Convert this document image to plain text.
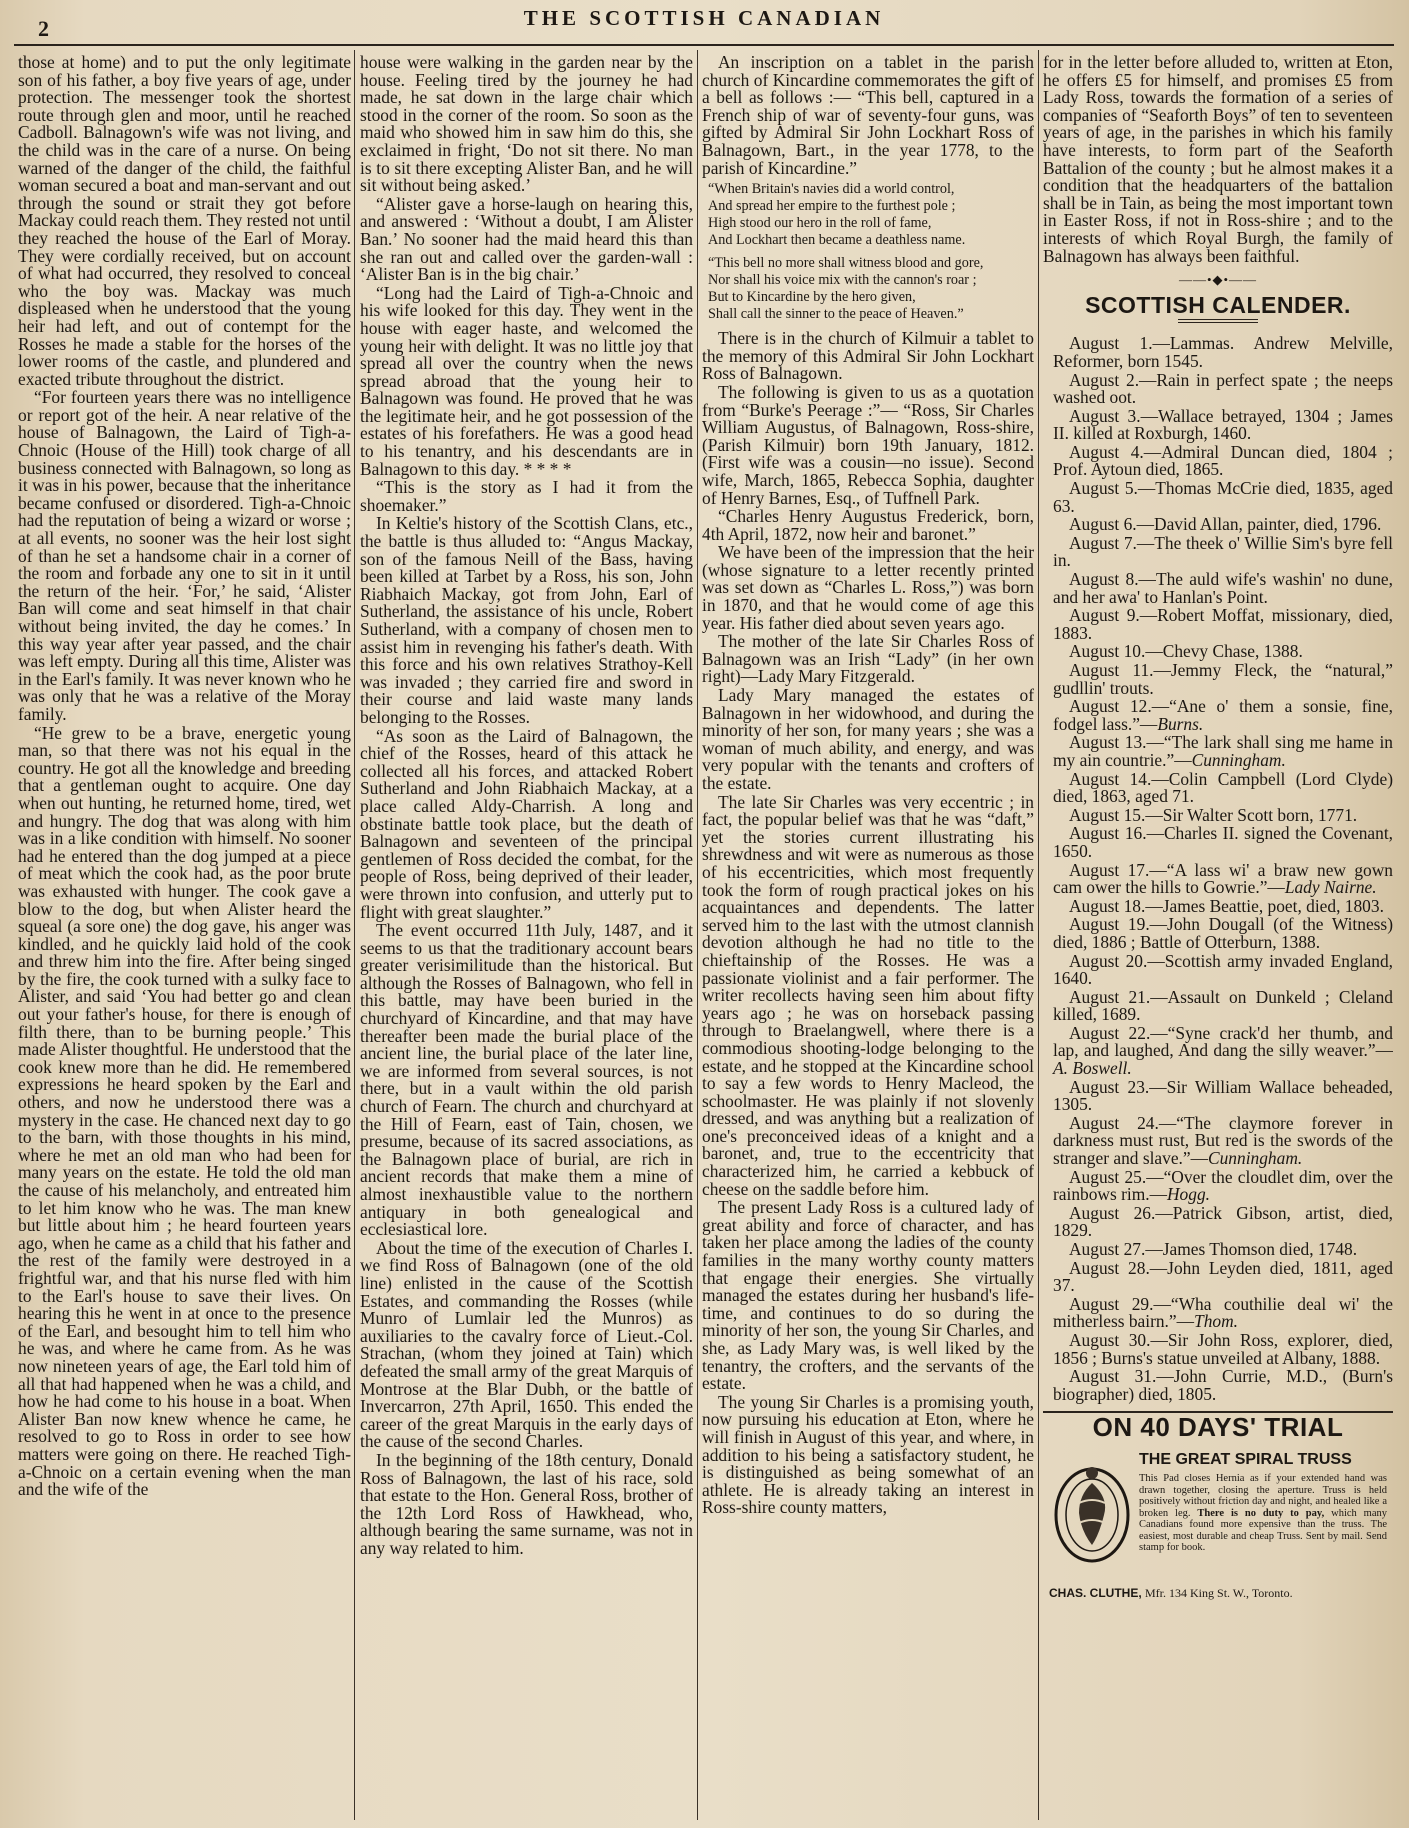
2	THE SCOTTISH CANADIAN

those at home) and to put the only legitimate son of his father, a boy five years of age, under protection. The messenger took the shortest route through glen and moor, until he reached Cadboll. Balnagown's wife was not living, and the child was in the care of a nurse. On being warned of the danger of the child, the faithful woman secured a boat and man-servant and out through the sound or strait they got before Mackay could reach them. They rested not until they reached the house of the Earl of Moray. They were cordially received, but on account of what had occurred, they resolved to conceal who the boy was. Mackay was much displeased when he understood that the young heir had left, and out of contempt for the Rosses he made a stable for the horses of the lower rooms of the castle, and plundered and exacted tribute throughout the district.

“For fourteen years there was no intelligence or report got of the heir. A near relative of the house of Balnagown, the Laird of Tigh-a-Chnoic (House of the Hill) took charge of all business connected with Balnagown, so long as it was in his power, because that the inheritance became confused or disordered. Tigh-a-Chnoic had the reputation of being a wizard or worse ; at all events, no sooner was the heir lost sight of than he set a handsome chair in a corner of the room and forbade any one to sit in it until the return of the heir. ‘For,’ he said, ‘Alister Ban will come and seat himself in that chair without being invited, the day he comes.’ In this way year after year passed, and the chair was left empty. During all this time, Alister was in the Earl's family. It was never known who he was only that he was a relative of the Moray family.

“He grew to be a brave, energetic young man, so that there was not his equal in the country. He got all the knowledge and breeding that a gentleman ought to acquire. One day when out hunting, he returned home, tired, wet and hungry. The dog that was along with him was in a like condition with himself. No sooner had he entered than the dog jumped at a piece of meat which the cook had, as the poor brute was exhausted with hunger. The cook gave a blow to the dog, but when Alister heard the squeal (a sore one) the dog gave, his anger was kindled, and he quickly laid hold of the cook and threw him into the fire. After being singed by the fire, the cook turned with a sulky face to Alister, and said ‘You had better go and clean out your father's house, for there is enough of filth there, than to be burning people.’ This made Alister thoughtful. He understood that the cook knew more than he did. He remembered expressions he heard spoken by the Earl and others, and now he understood there was a mystery in the case. He chanced next day to go to the barn, with those thoughts in his mind, where he met an old man who had been for many years on the estate. He told the old man the cause of his melancholy, and entreated him to let him know who he was. The man knew but little about him ; he heard fourteen years ago, when he came as a child that his father and the rest of the family were destroyed in a frightful war, and that his nurse fled with him to the Earl's house to save their lives. On hearing this he went in at once to the presence of the Earl, and besought him to tell him who he was, and where he came from. As he was now nineteen years of age, the Earl told him of all that had happened when he was a child, and how he had come to his house in a boat. When Alister Ban now knew whence he came, he resolved to go to Ross in order to see how matters were going on there. He reached Tigh-a-Chnoic on a certain evening when the man and the wife of the

house were walking in the garden near by the house. Feeling tired by the journey he had made, he sat down in the large chair which stood in the corner of the room. So soon as the maid who showed him in saw him do this, she exclaimed in fright, ‘Do not sit there. No man is to sit there excepting Alister Ban, and he will sit without being asked.’

“Alister gave a horse-laugh on hearing this, and answered : ‘Without a doubt, I am Alister Ban.’ No sooner had the maid heard this than she ran out and called over the garden-wall : ‘Alister Ban is in the big chair.’

“Long had the Laird of Tigh-a-Chnoic and his wife looked for this day. They went in the house with eager haste, and welcomed the young heir with delight. It was no little joy that spread all over the country when the news spread abroad that the young heir to Balnagown was found. He proved that he was the legitimate heir, and he got possession of the estates of his forefathers. He was a good head to his tenantry, and his descendants are in Balnagown to this day. * * * *

“This is the story as I had it from the shoemaker.”

In Keltie's history of the Scottish Clans, etc., the battle is thus alluded to: “Angus Mackay, son of the famous Neill of the Bass, having been killed at Tarbet by a Ross, his son, John Riabhaich Mackay, got from John, Earl of Sutherland, the assistance of his uncle, Robert Sutherland, with a company of chosen men to assist him in revenging his father's death. With this force and his own relatives Strathoy-Kell was invaded ; they carried fire and sword in their course and laid waste many lands belonging to the Rosses.

“As soon as the Laird of Balnagown, the chief of the Rosses, heard of this attack he collected all his forces, and attacked Robert Sutherland and John Riabhaich Mackay, at a place called Aldy-Charrish. A long and obstinate battle took place, but the death of Balnagown and seventeen of the principal gentlemen of Ross decided the combat, for the people of Ross, being deprived of their leader, were thrown into confusion, and utterly put to flight with great slaughter.”

The event occurred 11th July, 1487, and it seems to us that the traditionary account bears greater verisimilitude than the historical. But although the Rosses of Balnagown, who fell in this battle, may have been buried in the churchyard of Kincardine, and that may have thereafter been made the burial place of the ancient line, the burial place of the later line, we are informed from several sources, is not there, but in a vault within the old parish church of Fearn. The church and churchyard at the Hill of Fearn, east of Tain, chosen, we presume, because of its sacred associations, as the Balnagown place of burial, are rich in ancient records that make them a mine of almost inexhaustible value to the northern antiquary in both genealogical and ecclesiastical lore.

About the time of the execution of Charles I. we find Ross of Balnagown (one of the old line) enlisted in the cause of the Scottish Estates, and commanding the Rosses (while Munro of Lumlair led the Munros) as auxiliaries to the cavalry force of Lieut.-Col. Strachan, (whom they joined at Tain) which defeated the small army of the great Marquis of Montrose at the Blar Dubh, or the battle of Invercarron, 27th April, 1650. This ended the career of the great Marquis in the early days of the cause of the second Charles.

In the beginning of the 18th century, Donald Ross of Balnagown, the last of his race, sold that estate to the Hon. General Ross, brother of the 12th Lord Ross of Hawkhead, who, although bearing the same surname, was not in any way related to him.

An inscription on a tablet in the parish church of Kincardine commemorates the gift of a bell as follows :— “This bell, captured in a French ship of war of seventy-four guns, was gifted by Admiral Sir John Lockhart Ross of Balnagown, Bart., in the year 1778, to the parish of Kincardine.”

“When Britain's navies did a world control,
And spread her empire to the furthest pole ;
High stood our hero in the roll of fame,
And Lockhart then became a deathless name.
“This bell no more shall witness blood and gore,
Nor shall his voice mix with the cannon's roar ;
But to Kincardine by the hero given,
Shall call the sinner to the peace of Heaven.”

There is in the church of Kilmuir a tablet to the memory of this Admiral Sir John Lockhart Ross of Balnagown.

The following is given to us as a quotation from “Burke's Peerage :”— “Ross, Sir Charles William Augustus, of Balnagown, Ross-shire, (Parish Kilmuir) born 19th January, 1812. (First wife was a cousin—no issue). Second wife, March, 1865, Rebecca Sophia, daughter of Henry Barnes, Esq., of Tuffnell Park.

“Charles Henry Augustus Frederick, born, 4th April, 1872, now heir and baronet.”

We have been of the impression that the heir (whose signature to a letter recently printed was set down as “Charles L. Ross,”) was born in 1870, and that he would come of age this year. His father died about seven years ago.

The mother of the late Sir Charles Ross of Balnagown was an Irish “Lady” (in her own right)—Lady Mary Fitzgerald.

Lady Mary managed the estates of Balnagown in her widowhood, and during the minority of her son, for many years ; she was a woman of much ability, and energy, and was very popular with the tenants and crofters of the estate.

The late Sir Charles was very eccentric ; in fact, the popular belief was that he was “daft,” yet the stories current illustrating his shrewdness and wit were as numerous as those of his eccentricities, which most frequently took the form of rough practical jokes on his acquaintances and dependents. The latter served him to the last with the utmost clannish devotion although he had no title to the chieftainship of the Rosses. He was a passionate violinist and a fair performer. The writer recollects having seen him about fifty years ago ; he was on horseback passing through to Braelangwell, where there is a commodious shooting-lodge belonging to the estate, and he stopped at the Kincardine school to say a few words to Henry Macleod, the schoolmaster. He was plainly if not slovenly dressed, and was anything but a realization of one's preconceived ideas of a knight and a baronet, and, true to the eccentricity that characterized him, he carried a kebbuck of cheese on the saddle before him.

The present Lady Ross is a cultured lady of great ability and force of character, and has taken her place among the ladies of the county families in the many worthy county matters that engage their energies. She virtually managed the estates during her husband's life-time, and continues to do so during the minority of her son, the young Sir Charles, and she, as Lady Mary was, is well liked by the tenantry, the crofters, and the servants of the estate.

The young Sir Charles is a promising youth, now pursuing his education at Eton, where he will finish in August of this year, and where, in addition to his being a satisfactory student, he is distinguished as being somewhat of an athlete. He is already taking an interest in Ross-shire county matters,

for in the letter before alluded to, written at Eton, he offers £5 for himself, and promises £5 from Lady Ross, towards the formation of a series of companies of “Seaforth Boys” of ten to seventeen years of age, in the parishes in which his family have interests, to form part of the Seaforth Battalion of the county ; but he almost makes it a condition that the headquarters of the battalion shall be in Tain, as being the most important town in Easter Ross, if not in Ross-shire ; and to the interests of which Royal Burgh, the family of Balnagown has always been faithful.

——•◆•——
SCOTTISH CALENDER.

August 1.—Lammas. Andrew Melville, Reformer, born 1545.

August 2.—Rain in perfect spate ; the neeps washed oot.

August 3.—Wallace betrayed, 1304 ; James II. killed at Roxburgh, 1460.

August 4.—Admiral Duncan died, 1804 ; Prof. Aytoun died, 1865.

August 5.—Thomas McCrie died, 1835, aged 63.

August 6.—David Allan, painter, died, 1796.

August 7.—The theek o' Willie Sim's byre fell in.

August 8.—The auld wife's washin' no dune, and her awa' to Hanlan's Point.

August 9.—Robert Moffat, missionary, died, 1883.

August 10.—Chevy Chase, 1388.

August 11.—Jemmy Fleck, the “natural,” gudllin' trouts.

August 12.—“Ane o' them a sonsie, fine, fodgel lass.”—Burns.

August 13.—“The lark shall sing me hame in my ain countrie.”—Cunningham.

August 14.—Colin Campbell (Lord Clyde) died, 1863, aged 71.

August 15.—Sir Walter Scott born, 1771.

August 16.—Charles II. signed the Covenant, 1650.

August 17.—“A lass wi' a braw new gown cam ower the hills to Gowrie.”—Lady Nairne.

August 18.—James Beattie, poet, died, 1803.

August 19.—John Dougall (of the Witness) died, 1886 ; Battle of Otterburn, 1388.

August 20.—Scottish army invaded England, 1640.

August 21.—Assault on Dunkeld ; Cleland killed, 1689.

August 22.—“Syne crack'd her thumb, and lap, and laughed, And dang the silly weaver.”—A. Boswell.

August 23.—Sir William Wallace beheaded, 1305.

August 24.—“The claymore forever in darkness must rust, But red is the swords of the stranger and slave.”—Cunningham.

August 25.—“Over the cloudlet dim, over the rainbows rim.—Hogg.

August 26.—Patrick Gibson, artist, died, 1829.

August 27.—James Thomson died, 1748.

August 28.—John Leyden died, 1811, aged 37.

August 29.—“Wha couthilie deal wi' the mitherless bairn.”—Thom.

August 30.—Sir John Ross, explorer, died, 1856 ; Burns's statue unveiled at Albany, 1888.

August 31.—John Currie, M.D., (Burn's biographer) died, 1805.

ON 40 DAYS' TRIAL
THE GREAT SPIRAL TRUSS
This Pad closes Hernia as if your extended hand was drawn together, closing the aperture. Truss is held positively without friction day and night, and healed like a broken leg. There is no duty to pay, which many Canadians found more expensive than the truss. The easiest, most durable and cheap Truss. Sent by mail. Send stamp for book.
CHAS. CLUTHE, Mfr. 134 King St. W., Toronto.
